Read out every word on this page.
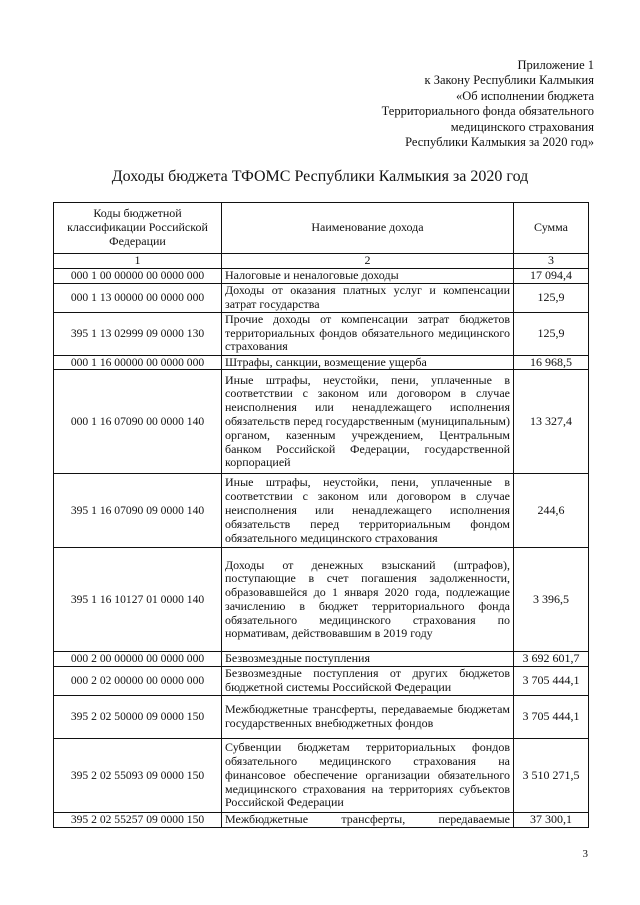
Приложение 1
к Закону Республики Калмыкия
«Об исполнении бюджета
Территориального фонда обязательного
медицинского страхования
Республики Калмыкия за 2020 год»
Доходы бюджета ТФОМС Республики Калмыкия за 2020 год
Коды бюджетной классификации Российской Федерации	Наименование дохода	Сумма
1	2	3
000 1 00 00000 00 0000 000	Налоговые и неналоговые доходы	17 094,4
000 1 13 00000 00 0000 000	Доходы от оказания платных услуг и компенсации затрат государства	125,9
395 1 13 02999 09 0000 130	Прочие доходы от компенсации затрат бюджетов территориальных фондов обязательного медицинского страхования	125,9
000 1 16 00000 00 0000 000	Штрафы, санкции, возмещение ущерба	16 968,5
000 1 16 07090 00 0000 140	Иные штрафы, неустойки, пени, уплаченные в соответствии с законом или договором в случае неисполнения или ненадлежащего исполнения обязательств перед государственным (муниципальным) органом, казенным учреждением, Центральным банком Российской Федерации, государственной корпорацией	13 327,4
395 1 16 07090 09 0000 140	Иные штрафы, неустойки, пени, уплаченные в соответствии с законом или договором в случае неисполнения или ненадлежащего исполнения обязательств перед территориальным фондом обязательного медицинского страхования	244,6
395 1 16 10127 01 0000 140	Доходы от денежных взысканий (штрафов), поступающие в счет погашения задолженности, образовавшейся до 1 января 2020 года, подлежащие зачислению в бюджет территориального фонда обязательного медицинского страхования по нормативам, действовавшим в 2019 году	3 396,5
000 2 00 00000 00 0000 000	Безвозмездные поступления	3 692 601,7
000 2 02 00000 00 0000 000	Безвозмездные поступления от других бюджетов бюджетной системы Российской Федерации	3 705 444,1
395 2 02 50000 09 0000 150	Межбюджетные трансферты, передаваемые бюджетам государственных внебюджетных фондов	3 705 444,1
395 2 02 55093 09 0000 150	Субвенции бюджетам территориальных фондов обязательного медицинского страхования на финансовое обеспечение организации обязательного медицинского страхования на территориях субъектов Российской Федерации	3 510 271,5
395 2 02 55257 09 0000 150	Межбюджетные трансферты, передаваемые	37 300,1
3
